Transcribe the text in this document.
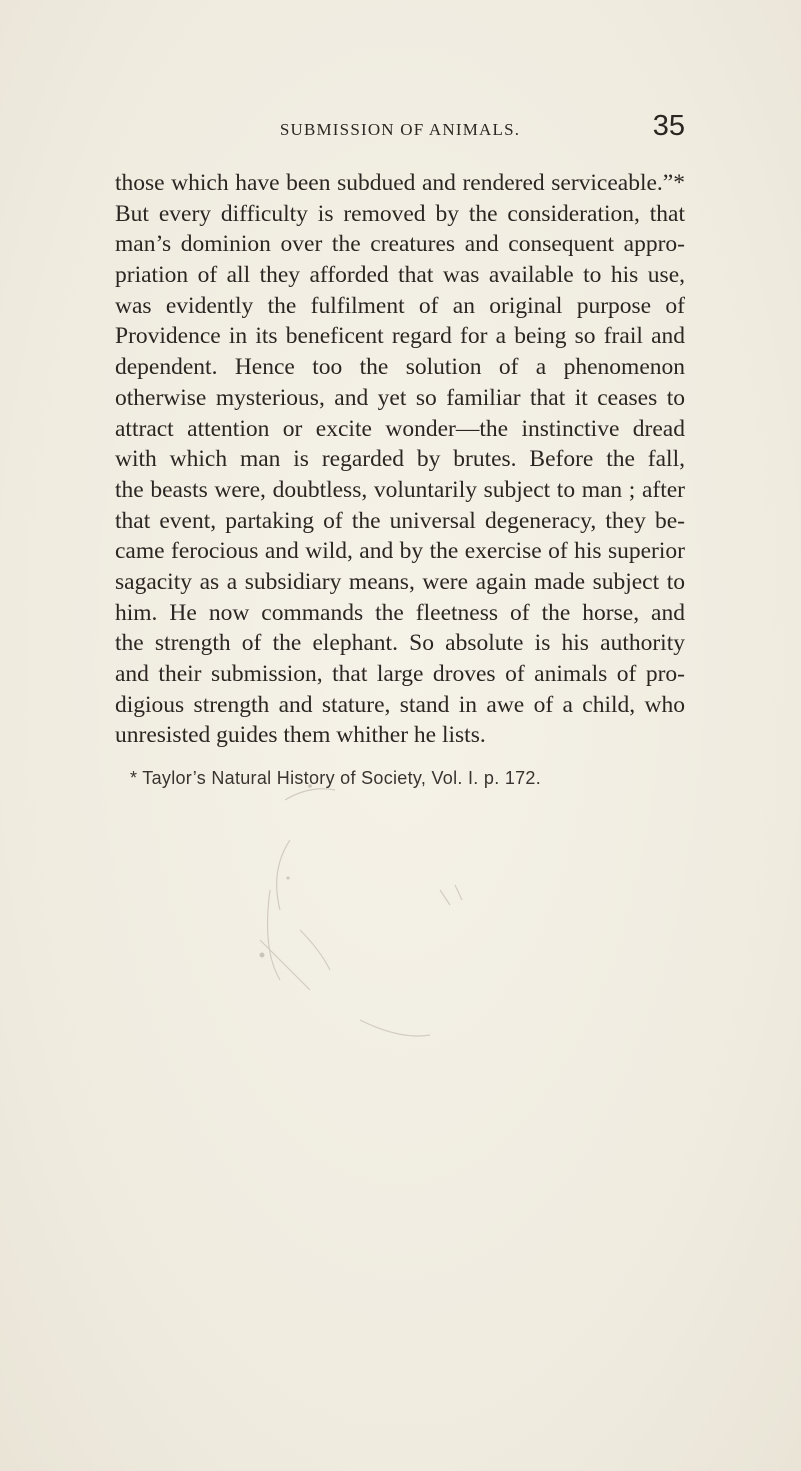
SUBMISSION OF ANIMALS.	35
those which have been subdued and rendered serviceable.”*
But every difficulty is removed by the consideration, that
man’s dominion over the creatures and consequent appro-
priation of all they afforded that was available to his use,
was evidently the fulfilment of an original purpose of
Providence in its beneficent regard for a being so frail and
dependent. Hence too the solution of a phenomenon
otherwise mysterious, and yet so familiar that it ceases to
attract attention or excite wonder—the instinctive dread
with which man is regarded by brutes. Before the fall,
the beasts were, doubtless, voluntarily subject to man ; after
that event, partaking of the universal degeneracy, they be-
came ferocious and wild, and by the exercise of his superior
sagacity as a subsidiary means, were again made subject to
him. He now commands the fleetness of the horse, and
the strength of the elephant. So absolute is his authority
and their submission, that large droves of animals of pro-
digious strength and stature, stand in awe of a child, who
unresisted guides them whither he lists.
* Taylor’s Natural History of Society, Vol. I. p. 172.
